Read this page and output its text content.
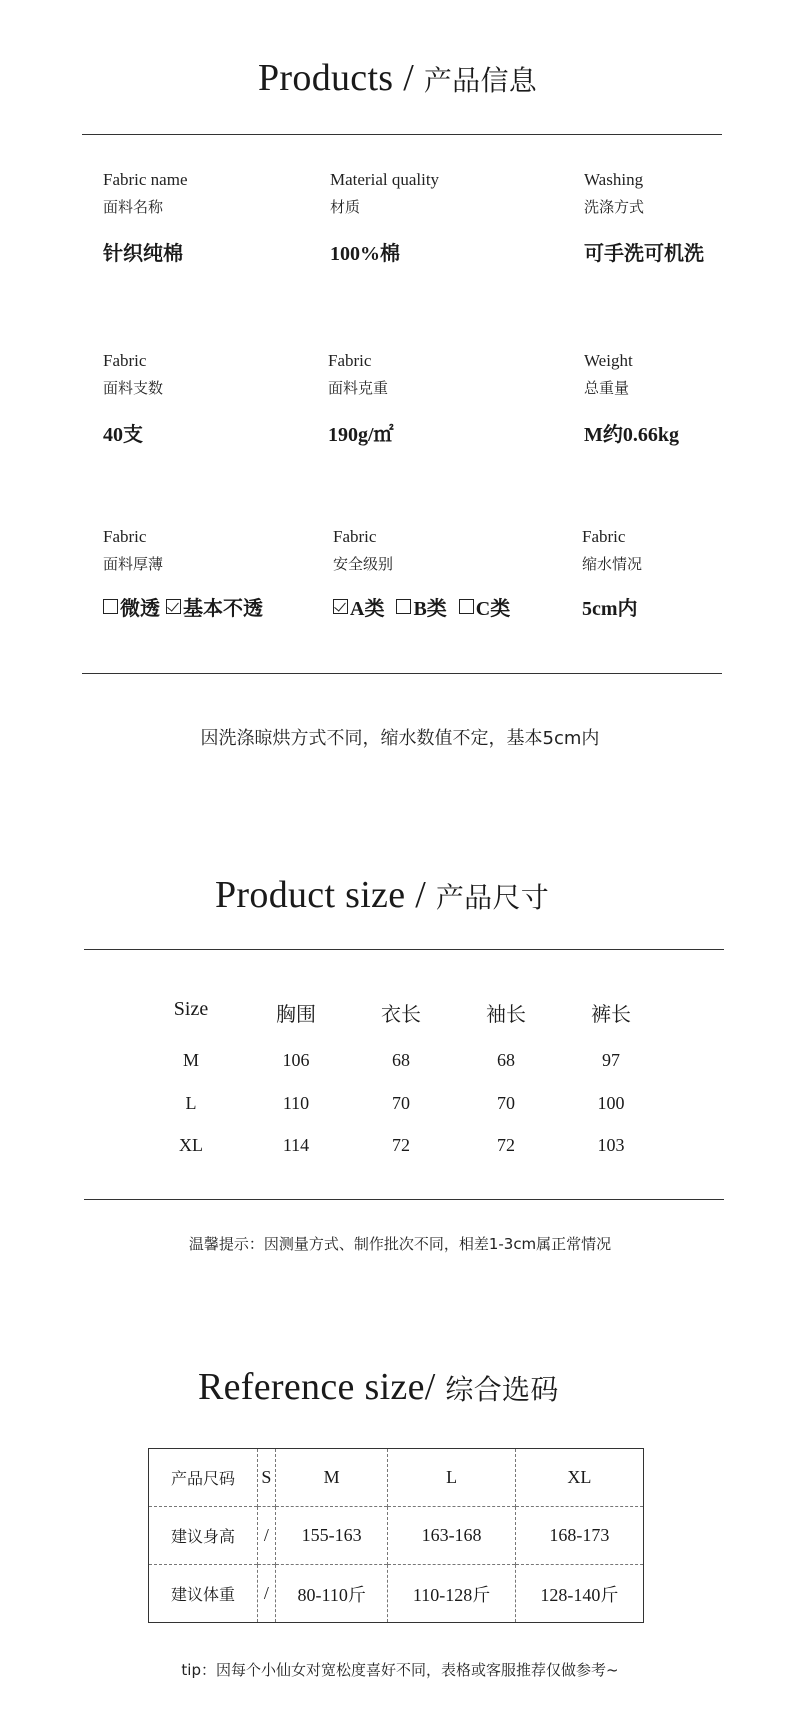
Products / 产品信息
Fabric name
面料名称
针织纯棉
Material quality
材质
100%棉
Washing
洗涤方式
可手洗可机洗
Fabric
面料支数
40支
Fabric
面料克重
190g/㎡
Weight
总重量
M约0.66kg
Fabric
面料厚薄
微透 基本不透
Fabric
安全级别
A类 B类 C类
Fabric
缩水情况
5cm内
因洗涤晾烘方式不同，缩水数值不定，基本5cm内
Product size / 产品尺寸
Size	胸围	衣长	袖长	裤长
M	106	68	68	97
L	110	70	70	100
XL	114	72	72	103
温馨提示：因测量方式、制作批次不同，相差1-3cm属正常情况
Reference size/ 综合选码
产品尺码	S	M	L	XL
建议身高	/	155-163	163-168	168-173
建议体重	/	80-110斤	110-128斤	128-140斤
tip：因每个小仙女对宽松度喜好不同，表格或客服推荐仅做参考~
